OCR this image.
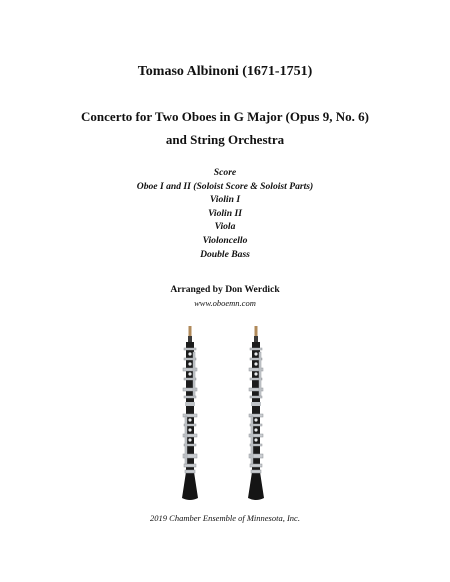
Tomaso Albinoni (1671-1751)
Concerto for Two Oboes in G Major (Opus 9, No. 6)
and String Orchestra
Score
Oboe I and II (Soloist Score & Soloist Parts)
Violin I
Violin II
Viola
Violoncello
Double Bass
Arranged by Don Werdick
www.oboemn.com
2019 Chamber Ensemble of Minnesota, Inc.
